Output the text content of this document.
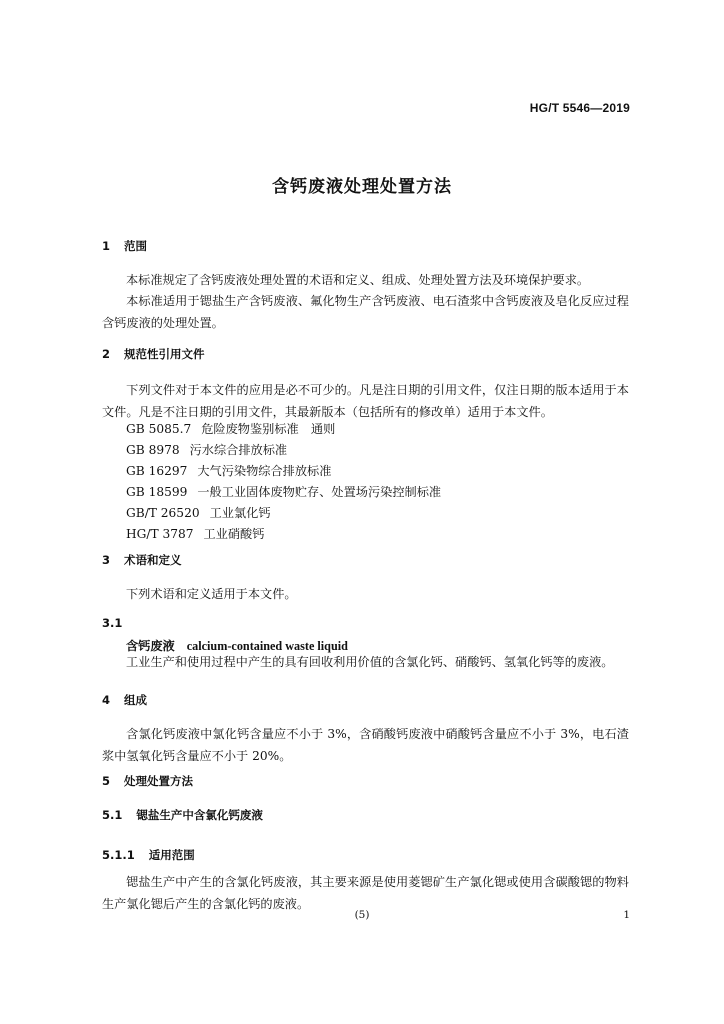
HG/T 5546—2019
含钙废液处理处置方法
1 范围
本标准规定了含钙废液处理处置的术语和定义、组成、处理处置方法及环境保护要求。
本标准适用于锶盐生产含钙废液、氟化物生产含钙废液、电石渣浆中含钙废液及皂化反应过程含钙废液的处理处置。
2 规范性引用文件
下列文件对于本文件的应用是必不可少的。凡是注日期的引用文件，仅注日期的版本适用于本文件。凡是不注日期的引用文件，其最新版本（包括所有的修改单）适用于本文件。
GB 5085.7 危险废物鉴别标准　通则
GB 8978 污水综合排放标准
GB 16297 大气污染物综合排放标准
GB 18599 一般工业固体废物贮存、处置场污染控制标准
GB/T 26520 工业氯化钙
HG/T 3787 工业硝酸钙
3 术语和定义
下列术语和定义适用于本文件。
3.1
含钙废液 calcium-contained waste liquid
工业生产和使用过程中产生的具有回收利用价值的含氯化钙、硝酸钙、氢氧化钙等的废液。
4 组成
含氯化钙废液中氯化钙含量应不小于 3%，含硝酸钙废液中硝酸钙含量应不小于 3%，电石渣浆中氢氧化钙含量应不小于 20%。
5 处理处置方法
5.1 锶盐生产中含氯化钙废液
5.1.1 适用范围
锶盐生产中产生的含氯化钙废液，其主要来源是使用菱锶矿生产氯化锶或使用含碳酸锶的物料生产氯化锶后产生的含氯化钙的废液。
(5)	1
